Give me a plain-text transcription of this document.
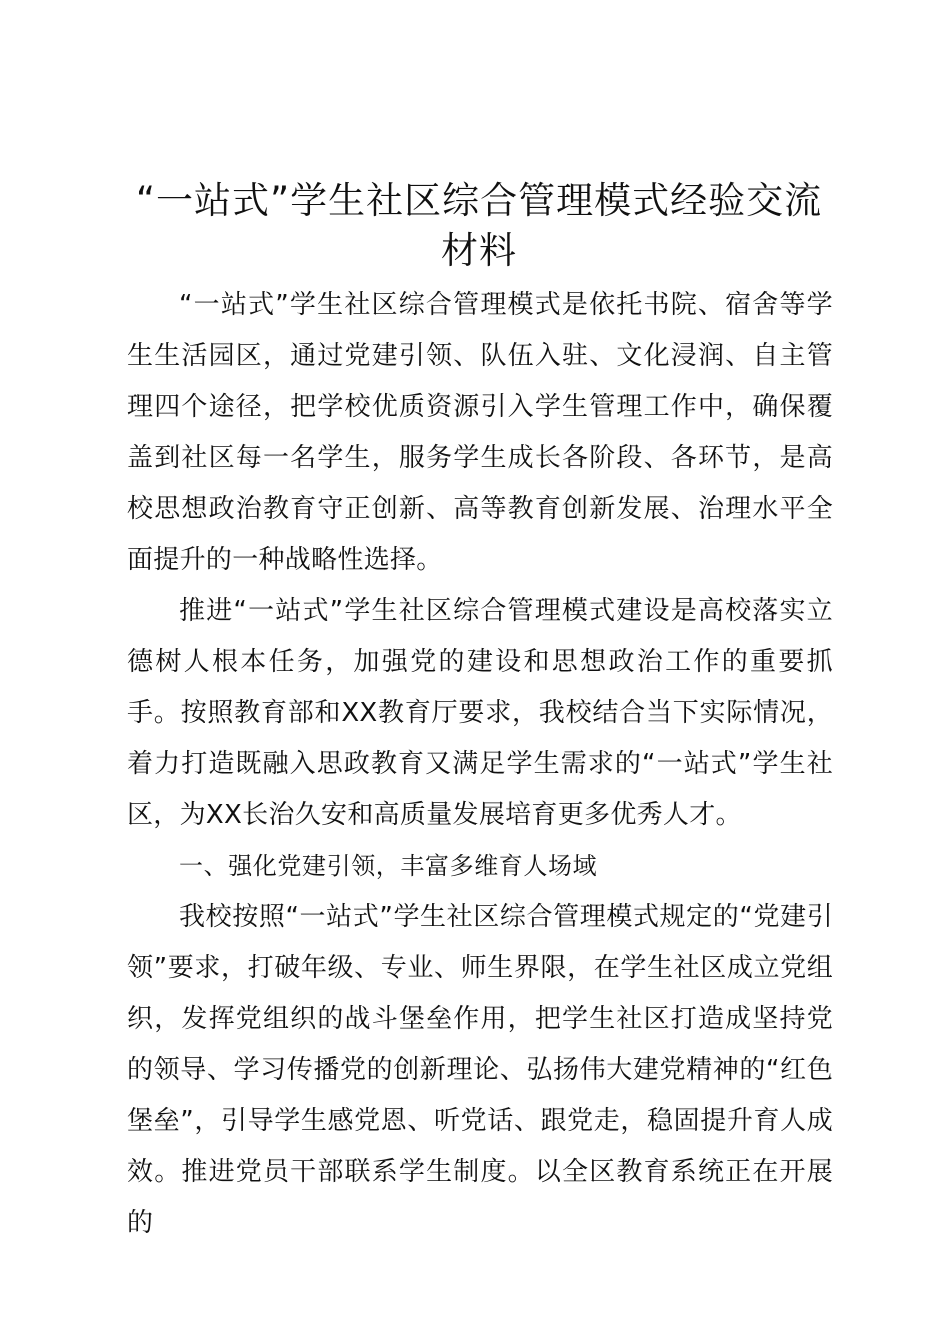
“一站式”学生社区综合管理模式经验交流材料

“一站式”学生社区综合管理模式是依托书院、宿舍等学生生活园区，通过党建引领、队伍入驻、文化浸润、自主管理四个途径，把学校优质资源引入学生管理工作中，确保覆盖到社区每一名学生，服务学生成长各阶段、各环节，是高校思想政治教育守正创新、高等教育创新发展、治理水平全面提升的一种战略性选择。

推进“一站式”学生社区综合管理模式建设是高校落实立德树人根本任务，加强党的建设和思想政治工作的重要抓手。按照教育部和XX教育厅要求，我校结合当下实际情况，着力打造既融入思政教育又满足学生需求的“一站式”学生社区，为XX长治久安和高质量发展培育更多优秀人才。

一、强化党建引领，丰富多维育人场域

我校按照“一站式”学生社区综合管理模式规定的“党建引领”要求，打破年级、专业、师生界限，在学生社区成立党组织，发挥党组织的战斗堡垒作用，把学生社区打造成坚持党的领导、学习传播党的创新理论、弘扬伟大建党精神的“红色堡垒”，引导学生感党恩、听党话、跟党走，稳固提升育人成效。推进党员干部联系学生制度。以全区教育系统正在开展的
